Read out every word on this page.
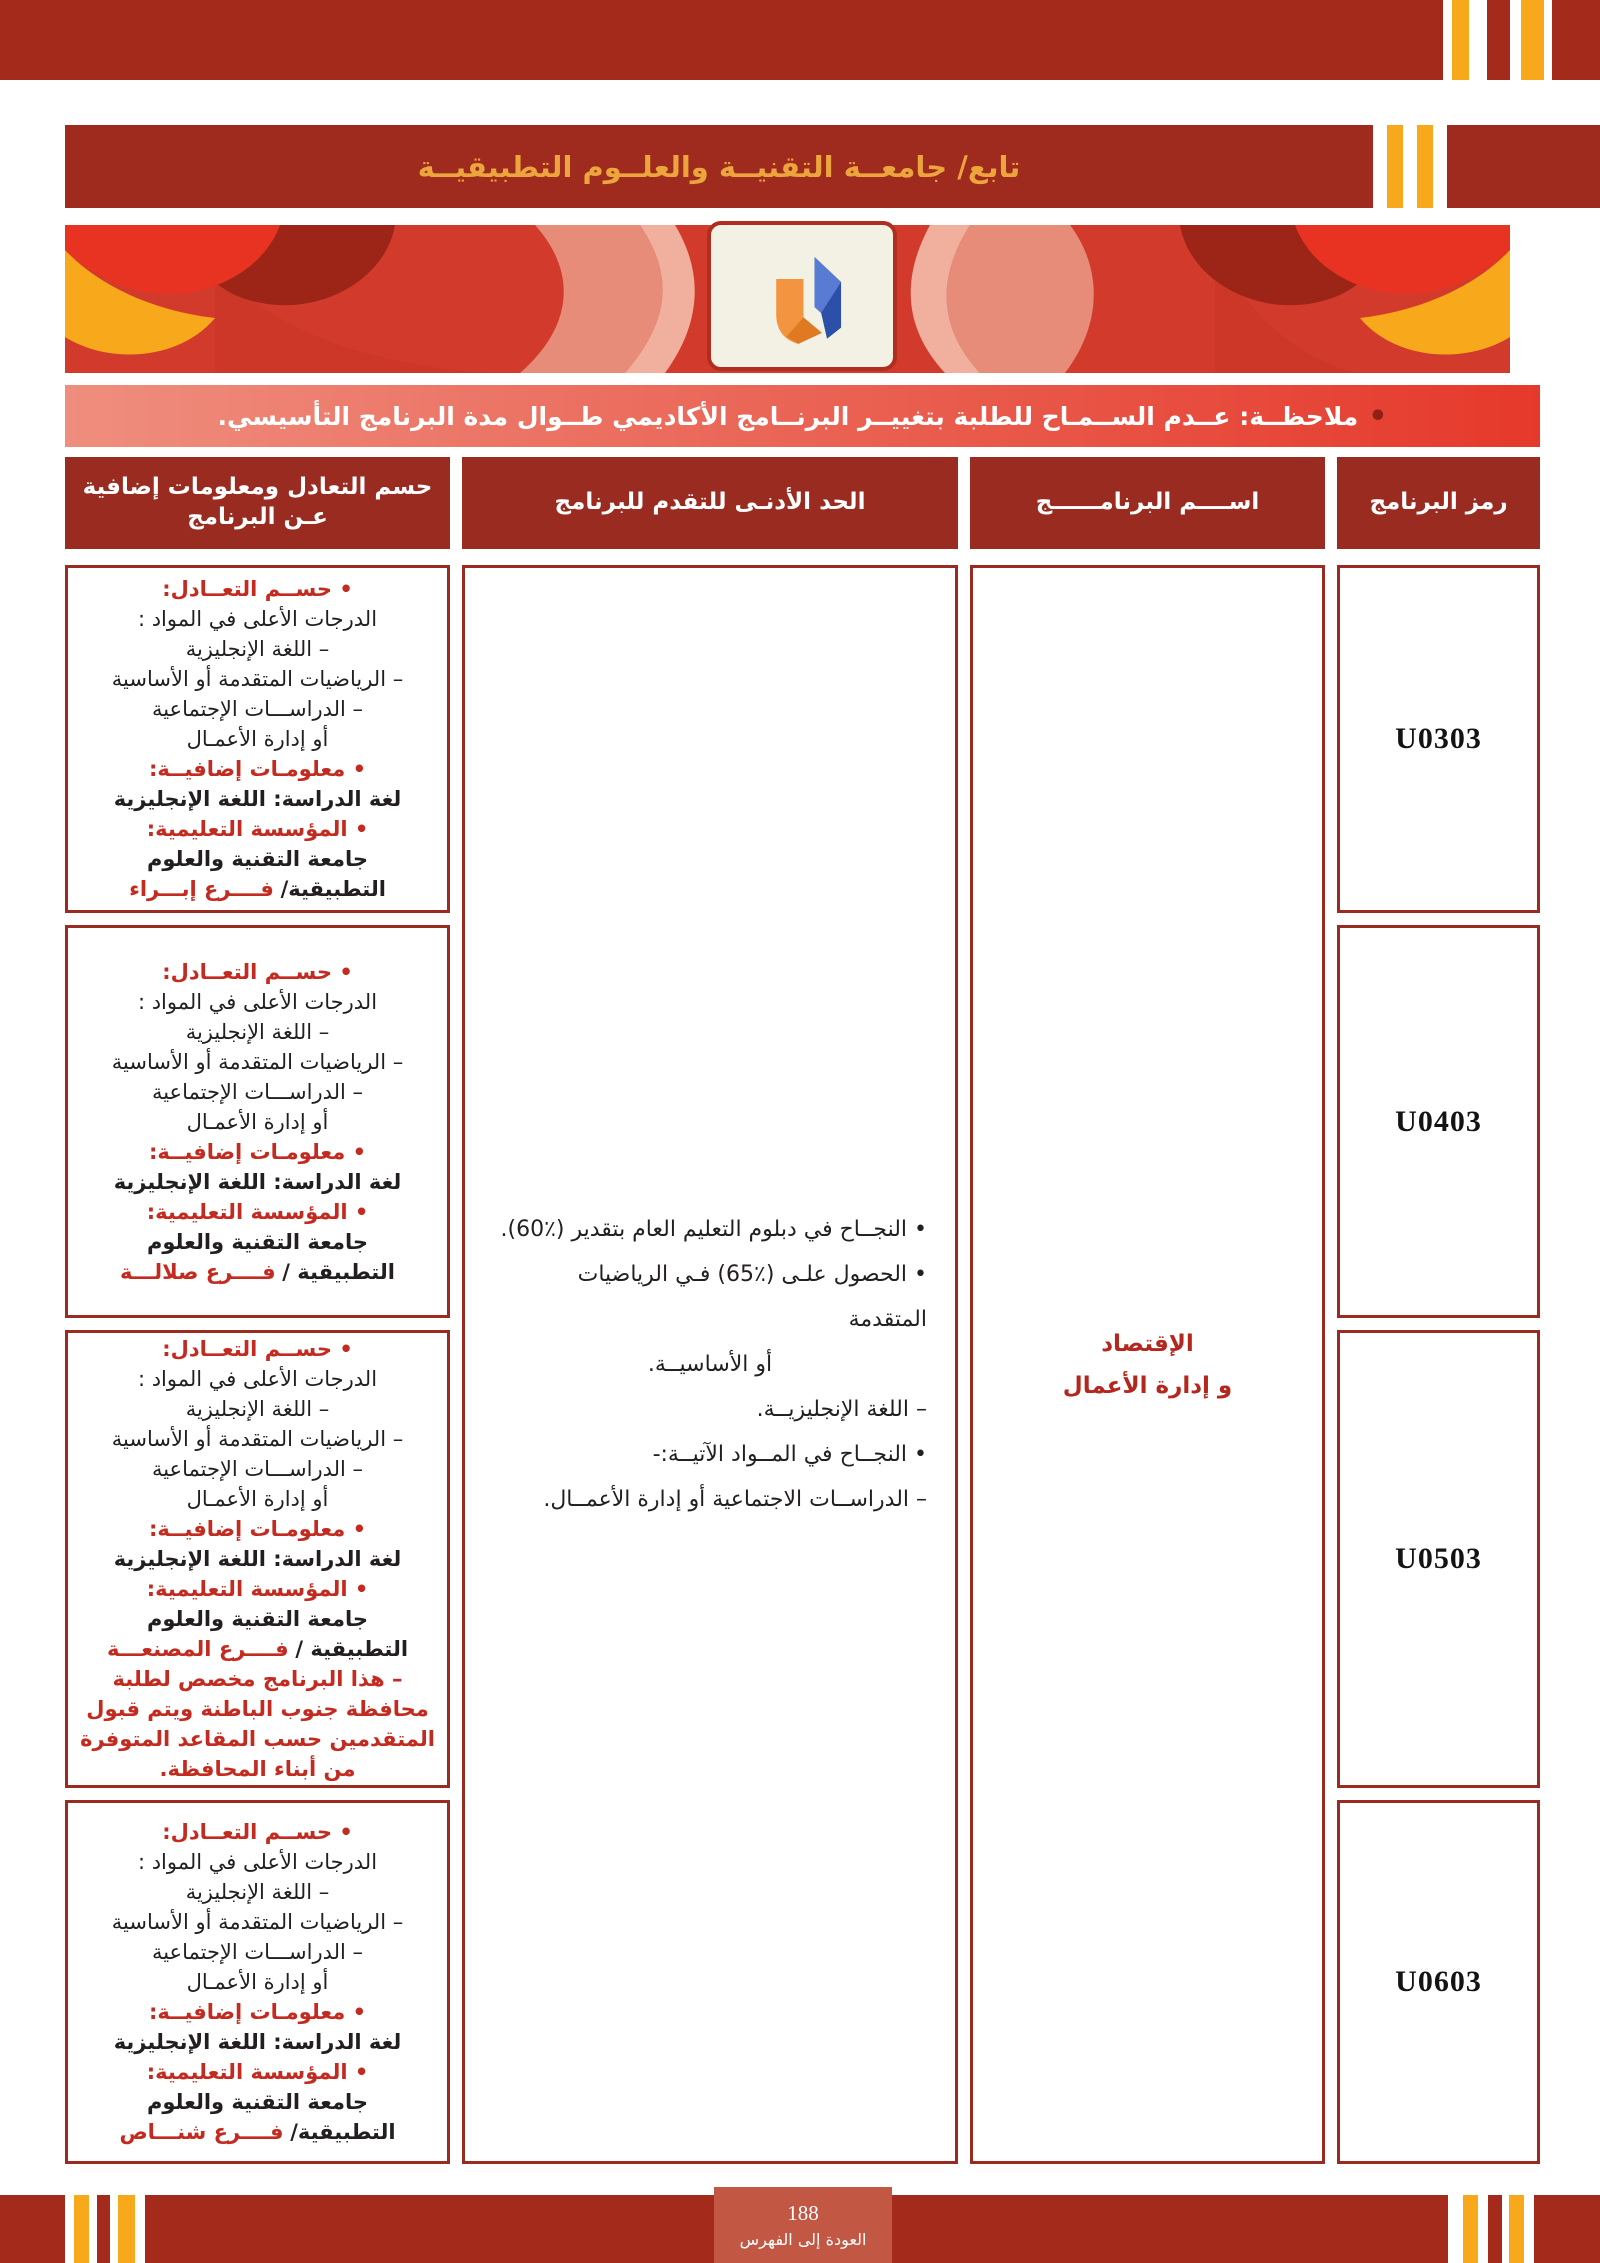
تابع/ جامعــة التقنيــة والعلــوم التطبيقيــة
•
ملاحظــة: عــدم الســمـاح للطلبة بتغييــر البرنــامج الأكاديمي طــوال مدة البرنامج التأسيسي.
رمز البرنامج
اســــم البرنامــــــج
الحد الأدنـى للتقدم للبرنامج
حسم التعادل ومعلومات إضافية عـن البرنامج
U0303
U0403
U0503
U0603
الإقتصاد
و إدارة الأعمال
• النجــاح في دبلوم التعليم العام بتقدير (٪60).
• الحصول علـى (٪65) فـي الرياضيات المتقدمة
أو الأساسيــة.
– اللغة الإنجليزيــة.
• النجــاح في المــواد الآتيــة:-
– الدراســات الاجتماعية أو إدارة الأعمــال.
• حســم التعــادل:
الدرجات الأعلى في المواد :
– اللغة الإنجليزية
– الرياضيات المتقدمة أو الأساسية
– الدراســـات الإجتماعية
أو إدارة الأعمـال
• معلومـات إضافيــة:
لغة الدراسة: اللغة الإنجليزية
• المؤسسة التعليمية:
جامعة التقنية والعلوم
التطبيقية/ فــــرع إبـــراء
• حســم التعــادل:
الدرجات الأعلى في المواد :
– اللغة الإنجليزية
– الرياضيات المتقدمة أو الأساسية
– الدراســـات الإجتماعية
أو إدارة الأعمـال
• معلومـات إضافيــة:
لغة الدراسة: اللغة الإنجليزية
• المؤسسة التعليمية:
جامعة التقنية والعلوم
التطبيقية / فــــرع صلالـــة
• حســم التعــادل:
الدرجات الأعلى في المواد :
– اللغة الإنجليزية
– الرياضيات المتقدمة أو الأساسية
– الدراســـات الإجتماعية
أو إدارة الأعمـال
• معلومـات إضافيــة:
لغة الدراسة: اللغة الإنجليزية
• المؤسسة التعليمية:
جامعة التقنية والعلوم
التطبيقية / فــــرع المصنعـــة
– هذا البرنامج مخصص لطلبة محافظة جنوب الباطنة ويتم قبول المتقدمين حسب المقاعد المتوفرة من أبناء المحافظة.
• حســم التعــادل:
الدرجات الأعلى في المواد :
– اللغة الإنجليزية
– الرياضيات المتقدمة أو الأساسية
– الدراســـات الإجتماعية
أو إدارة الأعمـال
• معلومـات إضافيــة:
لغة الدراسة: اللغة الإنجليزية
• المؤسسة التعليمية:
جامعة التقنية والعلوم
التطبيقية/ فــــرع شنـــاص
188
العودة إلى الفهرس
